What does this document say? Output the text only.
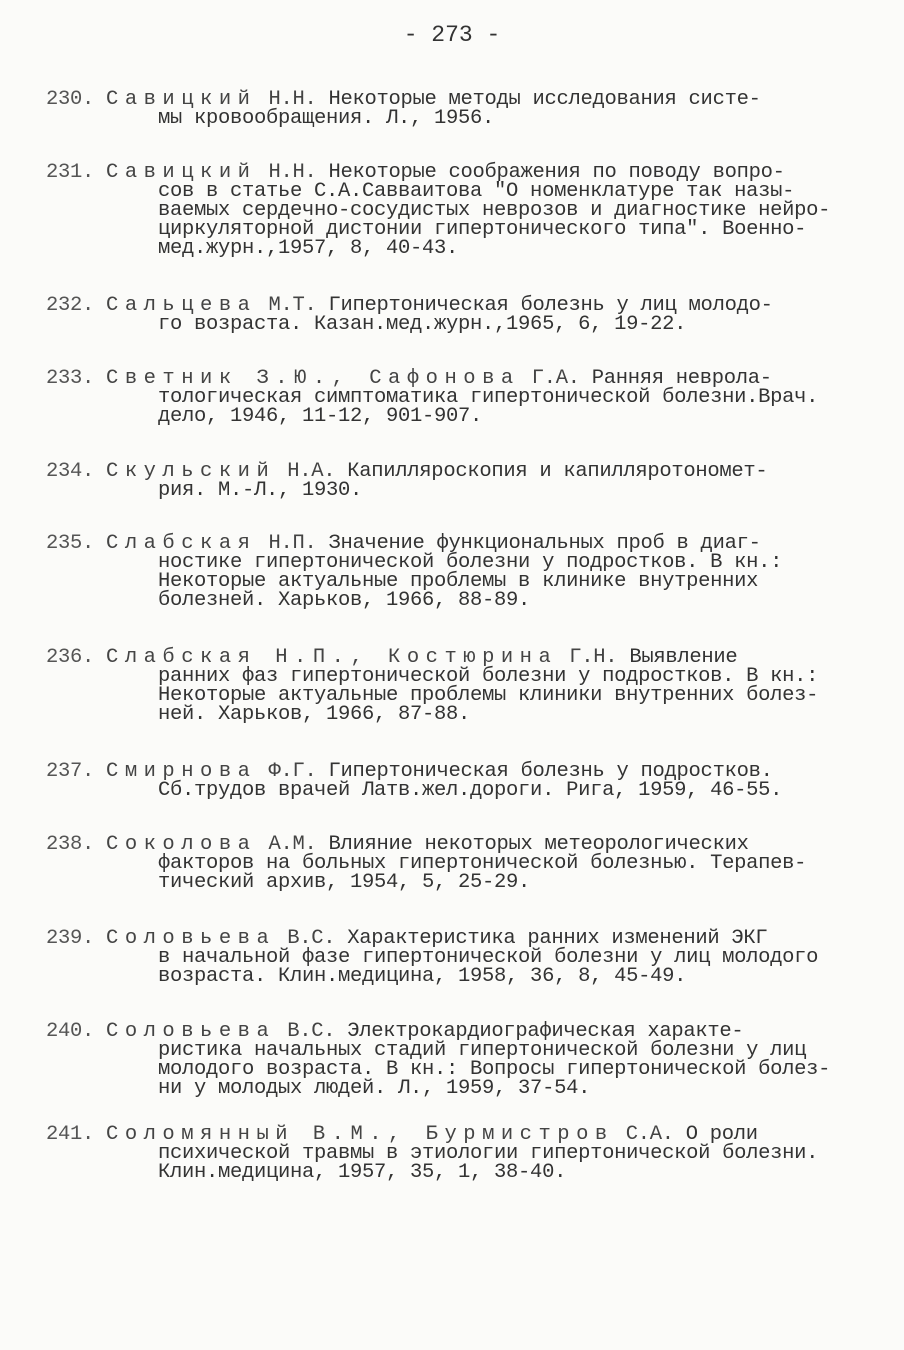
- 273 -
230. Савицкий Н.Н. Некоторые методы исследования систе-
мы кровообращения. Л., 1956.
231. Савицкий Н.Н. Некоторые соображения по поводу вопро-
сов в статье С.А.Савваитова "О номенклатуре так назы-
ваемых сердечно-сосудистых неврозов и диагностике нейро-
циркуляторной дистонии гипертонического типа". Военно-
мед.журн.,1957, 8, 40-43.
232. Сальцева М.Т. Гипертоническая болезнь у лиц молодо-
го возраста. Казан.мед.журн.,1965, 6, 19-22.
233. Светник З.Ю., Сафонова Г.А. Ранняя неврола-
тологическая симптоматика гипертонической болезни.Врач.
дело, 1946, 11-12, 901-907.
234. Скульский Н.А. Капилляроскопия и капилляротономет-
рия. М.-Л., 1930.
235. Слабская Н.П. Значение функциональных проб в диаг-
ностике гипертонической болезни у подростков. В кн.:
Некоторые актуальные проблемы в клинике внутренних
болезней. Харьков, 1966, 88-89.
236. Слабская Н.П., Костюрина Г.Н. Выявление
ранних фаз гипертонической болезни у подростков. В кн.:
Некоторые актуальные проблемы клиники внутренних болез-
ней. Харьков, 1966, 87-88.
237. Смирнова Ф.Г. Гипертоническая болезнь у подростков.
Сб.трудов врачей Латв.жел.дороги. Рига, 1959, 46-55.
238. Соколова А.М. Влияние некоторых метеорологических
факторов на больных гипертонической болезнью. Терапев-
тический архив, 1954, 5, 25-29.
239. Соловьева В.С. Характеристика ранних изменений ЭКГ
в начальной фазе гипертонической болезни у лиц молодого
возраста. Клин.медицина, 1958, 36, 8, 45-49.
240. Соловьева В.С. Электрокардиографическая характе-
ристика начальных стадий гипертонической болезни у лиц
молодого возраста. В кн.: Вопросы гипертонической болез-
ни у молодых людей. Л., 1959, 37-54.
241. Соломянный В.М., Бурмистров С.А. О роли
психической травмы в этиологии гипертонической болезни.
Клин.медицина, 1957, 35, 1, 38-40.
